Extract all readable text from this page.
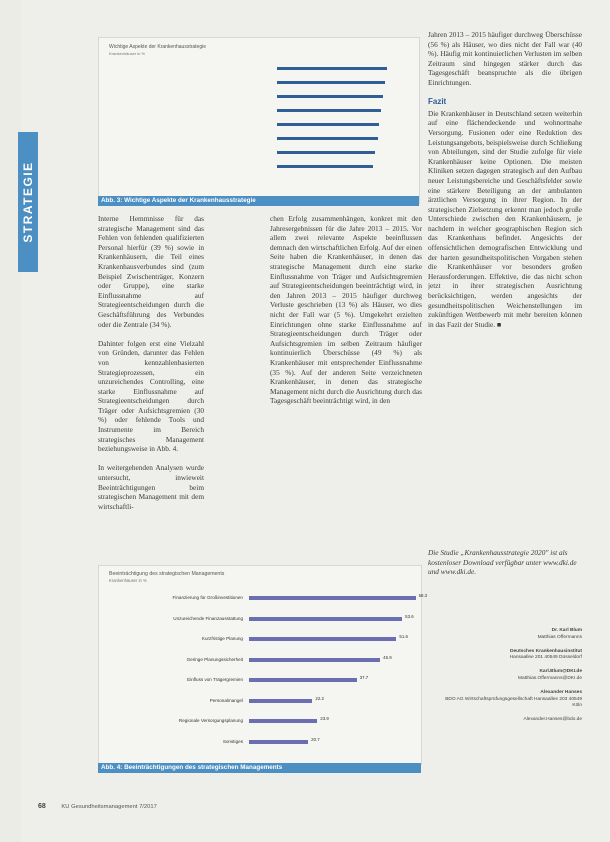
STRATEGIE
Wichtige Aspekte der Krankenhausstrategie
Krankenhäuser in %
Abb. 3: Wichtige Aspekte der Krankenhausstrategie

Interne Hemmnisse für das strategische Management sind das Fehlen von fehlenden qualifizierten Personal hierfür (39 %) sowie in Krankenhäusern, die Teil eines Krankenhausverbundes sind (zum Beispiel Zwischenträger, Konzern oder Gruppe), eine starke Einflussnahme auf Strategieentscheidungen durch die Geschäftsführung des Verbundes oder die Zentrale (34 %).

Dahinter folgen erst eine Vielzahl von Gründen, darunter das Fehlen von kennzahlenbasierten Strategieprozessen, ein unzureichendes Controlling, eine starke Einflussnahme auf Strategieentscheidungen durch Träger oder Aufsichtsgremien (30 %) oder fehlende Tools und Instrumente im Bereich strategisches Management beziehungsweise in Abb. 4.

In weitergehenden Analysen wurde untersucht, inwieweit Beeinträchtigungen beim strategischen Management mit dem wirtschaftli-

chen Erfolg zusammenhängen, konkret mit den Jahresergebnissen für die Jahre 2013 – 2015. Vor allem zwei relevante Aspekte beeinflussen demnach den wirtschaftlichen Erfolg. Auf der einen Seite haben die Krankenhäuser, in denen das strategische Management durch eine starke Einflussnahme von Träger und Aufsichtsgremien auf Strategieentscheidungen beeinträchtigt wird, in den Jahren 2013 – 2015 häufiger durchweg Verluste geschrieben (13 %) als Häuser, wo dies nicht der Fall war (5 %). Umgekehrt erzielten Einrichtungen ohne starke Einflussnahme auf Strategieentscheidungen durch Träger oder Aufsichtsgremien im selben Zeitraum häufiger kontinuierlich Überschüsse (49 %) als Krankenhäuser mit entsprechender Einflussnahme (35 %). Auf der anderen Seite verzeichneten Krankenhäuser, in denen das strategische Management nicht durch die Ausrichtung durch das Tagesgeschäft beeinträchtigt wird, in den

Jahren 2013 – 2015 häufiger durchweg Überschüsse (56 %) als Häuser, wo dies nicht der Fall war (40 %). Häufig mit kontinuierlichen Verlusten im selben Zeitraum sind hingegen stärker durch das Tagesgeschäft beanspruchte als die übrigen Einrichtungen.

Fazit

Die Krankenhäuser in Deutschland setzen weiterhin auf eine flächendeckende und wohnortnahe Versorgung. Fusionen oder eine Reduktion des Leistungsangebots, beispielsweise durch Schließung von Abteilungen, sind der Studie zufolge für viele Krankenhäuser keine Optionen. Die meisten Kliniken setzen dagegen strategisch auf den Aufbau neuer Leistungsbereiche und Geschäftsfelder sowie eine stärkere Beteiligung an der ambulanten ärztlichen Versorgung in ihrer Region. In der strategischen Zielsetzung erkennt man jedoch große Unterschiede zwischen den Krankenhäusern, je nachdem in welcher geographischen Region sich das Krankenhaus befindet. Angesichts der offensichtlichen demografischen Entwicklung und der harten gesundheitspolitischen Vorgaben stehen die Krankenhäuser vor besonders großen Herausforderungen. Effektive, die das nicht schon jetzt in ihrer strategischen Ausrichtung berücksichtigen, werden angesichts der gesundheitspolitischen Weichenstellungen im zukünftigen Wettbewerb mit mehr bereiten können in das Fazit der Studie. ■

Die Studie „Krankenhausstrategie 2020" ist als kostenloser Download verfügbar unter www.dki.de und www.dki.de.

Dr. Karl Blum
Matthias Offermanns

Deutsches Krankenhausinstitut
Hansaallee 201 40549 Düsseldorf

Karl.Blum@DKI.de
Matthias.Offermanns@DKI.de

Alexander Hanses
BDO AG Wirtschaftsprüfungsgesellschaft Hansaallee 203 40549 Köln

Alexander.Hanses@bdo.de

Beeinträchtigung des strategischen Managements
Krankenhäuser in %
Finanzierung für Großinvestitionen	58.3
Unzureichende Finanzausstattung	53.6
Kurzfristige Planung	51.6
Geringe Planungssicherheit	45.9
Einfluss von Trägergremien	37.7
Personalmangel	22.2
Regionale Versorgungsplanung	23.9
Sonstiges	20.7
Abb. 4: Beeinträchtigungen des strategischen Managements
68	KU Gesundheitsmanagement 7/2017
